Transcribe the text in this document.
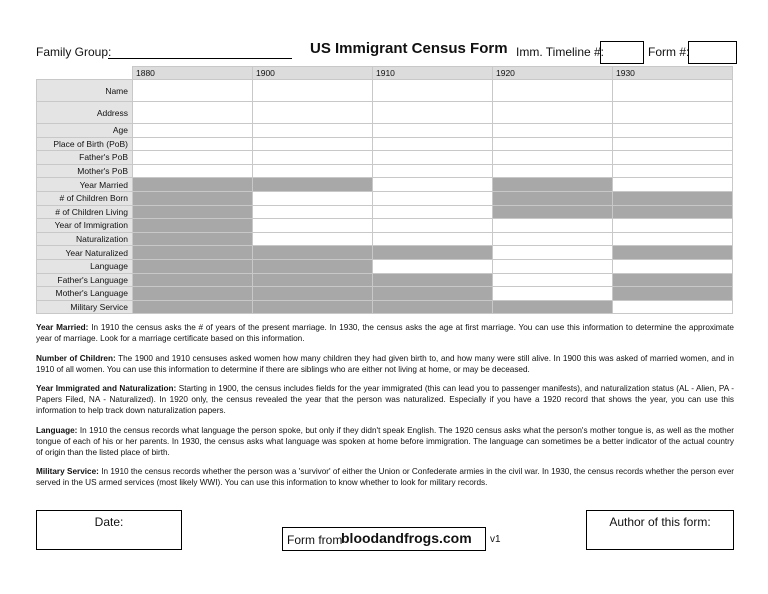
Family Group:	US Immigrant Census Form Imm. Timeline #:	Form #:
	1880	1900	1910	1920	1930
Name					
Address					
Age					
Place of Birth (PoB)					
Father's PoB					
Mother's PoB					
Year Married					
# of Children Born					
# of Children Living					
Year of Immigration					
Naturalization					
Year Naturalized					
Language					
Father's Language					
Mother's Language					
Military Service					

Year Married: In 1910 the census asks the # of years of the present marriage. In 1930, the census asks the age at first marriage. You can use this information to determine the approximate year of marriage. Look for a marriage certificate based on this information.

Number of Children: The 1900 and 1910 censuses asked women how many children they had given birth to, and how many were still alive. In 1900 this was asked of married women, and in 1910 of all women. You can use this information to determine if there are siblings who are either not living at home, or may be deceased.

Year Immigrated and Naturalization: Starting in 1900, the census includes fields for the year immigrated (this can lead you to passenger manifests), and naturalization status (AL - Alien, PA - Papers Filed, NA - Naturalized). In 1920 only, the census revealed the year that the person was naturalized. Especially if you have a 1920 record that shows the year, you can use this information to help track down naturalization papers.

Language: In 1910 the census records what language the person spoke, but only if they didn't speak English. The 1920 census asks what the person's mother tongue is, as well as the mother tongue of each of his or her parents. In 1930, the census asks what language was spoken at home before immigration. The language can sometimes be a better indicator of the actual country of origin than the listed place of birth.

Military Service: In 1910 the census records whether the person was a 'survivor' of either the Union or Confederate armies in the civil war. In 1930, the census records whether the person ever served in the US armed services (most likely WWI). You can use this information to know whether to look for military records.

Date:
Form from
bloodandfrogs.com v1
Author of this form:
